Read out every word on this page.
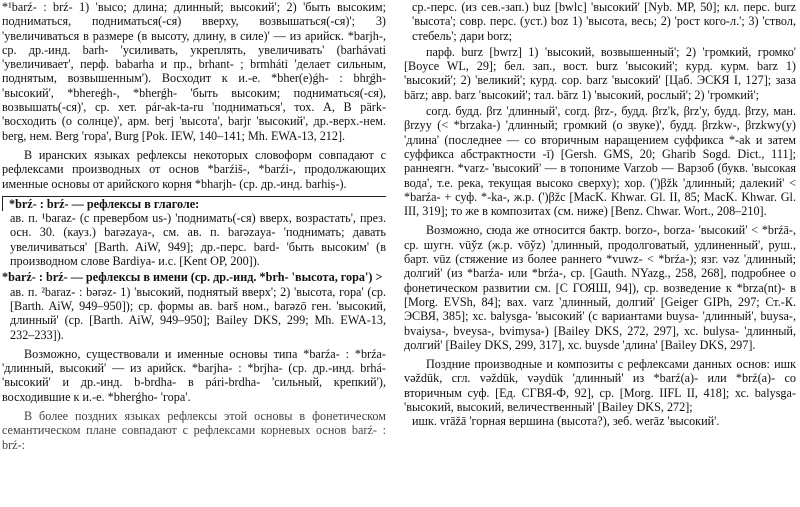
*¹barź- : brź- 1) 'высо; длина; длинный; высокий'; 2) 'быть высоким; подниматься, подниматься(-ся) вверху, возвышаться(-ся)'; 3) 'увеличиваться в размере (в высоту, длину, в силе)' — из арийск. *barjh-, ср. др.-инд. barh- 'усиливать, укреплять, увеличивать' (barhávati 'увеличивает', перф. babarha и пр., brhant- ; brmháti 'делает сильным, поднятым, возвышенным'). Восходит к и.-е. *bher(e)ǵh- : bhr̥ǵh- 'высокий', *bhereǵh-, *bherǵh- 'быть высоким; подниматься(-ся), возвышать(-ся)', ср. хет. pár-ak-ta-ru 'подниматься', тох. A, B pärk- 'восходить (о солнце)', арм. berj 'высота', barjr 'высокий', др.-верх.-нем. berg, нем. Berg 'гора', Burg [Pok. IEW, 140–141; Mh. EWA-13, 212].

В иранских языках рефлексы некоторых словоформ совпадают с рефлексами производных от основ *barźiš-, *barźi-, продолжающих именные основы от арийского корня *bharjh- (ср. др.-инд. barhiṣ-).

*brź- : brź- — рефлексы в глаголе:

ав. п. ¹baraz- (с превербом us-) 'поднимать(-ся) вверх, возрастать', през. осн. 30. (кауз.) barəzaya-, см. ав. п. barəzaya- 'поднимать; давать увеличиваться' [Barth. AiW, 949]; др.-перс. bard- 'быть высоким' (в производном слове Bardiya- и.с. [Kent OP, 200]).

*barź- : brź- — рефлексы в имени (ср. др.-инд. *brh- 'высота, гора') >

ав. п. ²baraz- : bərəz- 1) 'высокий, поднятый вверх'; 2) 'высота, гора' (ср. [Barth. AiW, 949–950]); ср. формы ав. barš ном., barəzō ген. 'высокий, длинный' (ср. [Barth. AiW, 949–950]; Bailey DKS, 299; Mh. EWA-13, 232–233]).

Возможно, существовали и именные основы типа *barźa- : *brźa- 'длинный, высокий' — из арийск. *barjha- : *brjha- (ср. др.-инд. brhá- 'высокий' и др.-инд. b-brdha- в pári-brdha- 'сильный, крепкий'), восходившие к и.-е. *bherǵho- 'гора'.

В более поздних языках рефлексы этой основы в фонетическом семантическом плане совпадают с рефлексами корневых основ barź- : brź-:

ср.-перс. (из сев.-зап.) buz [bwlc] 'высокий' [Nyb. MP, 50]; кл. перс. burz 'высота'; совр. перс. (уст.) boz 1) 'высота, весь; 2) 'рост кого-л.'; 3) 'ствол, стебель'; дари borz;

парф. burz [bwrz] 1) 'высокий, возвышенный'; 2) 'громкий, громко' [Boyce WL, 29]; бел. зап., вост. burz 'высокий'; курд. курм. barz 1) 'высокий'; 2) 'великий'; курд. сор. barz 'высокий' [Цаб. ЭСКЯ I, 127]; заза bārz; авр. barz 'высокий'; тал. bārz 1) 'высокий, рослый'; 2) 'громкий';

согд. будд. βrz 'длинный', согд. βrz-, будд. βrz'k, βrz'y, будд. βrzy, ман. βrzyy (< *brzaka-) 'длинный; громкий (о звуке)', будд. βrzkw-, βrzkwy(y) 'длина' (последнее — со вторичным наращением суффикса *-ak и затем суффикса абстрактности -ī) [Gersh. GMS, 20; Gharib Sogd. Dict., 111]; раннеягн. *varz- 'высокий' — в топониме Varzob — Варзоб (букв. 'высокая вода', т.е. река, текущая высоко сверху); хор. (')βžk 'длинный; далекий' < *barźa- + суф. *-ka-, ж.р. (')βžc [MacK. Khwar. Gl. II, 85; MacK. Khwar. Gl. III, 319]; то же в композитах (см. ниже) [Benz. Chwar. Wort., 208–210].

Возможно, сюда же относится бактр. borzo-, borza- 'высокий' < *brźā-, ср. шугн. vūy̌z (ж.р. vōy̌z) 'длинный, продолговатый, удлиненный', руш., барт. vūz (стяжение из более раннего *vuwz- < *brźa-); язг. vəz 'длинный; долгий' (из *barźa- или *brźa-, ср. [Gauth. NYazg., 258, 268], подробнее о фонетическом развитии см. [С ГОЯШ, 94]), ср. возведение к *brza(nt)- в [Morg. EVSh, 84]; вах. varz 'длинный, долгий' [Geiger GIPh, 297; Ст.-К. ЭСВЯ, 385]; хс. balysga- 'высокий' (с вариантами buysa- 'длинный', buysa-, bvaiysa-, bveysa-, bvimysa-) [Bailey DKS, 272, 297], хс. bulysa- 'длинный, долгий' [Bailey DKS, 299, 317], хс. buysde 'длина' [Bailey DKS, 297].

Поздние производные и композиты с рефлексами данных основ: ишк vəždūk, сгл. vəždūk, vəydūk 'длинный' из *barź(a)- или *brź(a)- со вторичным суф. [Ед. СГВЯ-Ф, 92], ср. [Morg. IIFL II, 418]; хс. balysga- 'высокий, высокий, величественный' [Bailey DKS, 272];

ишк. vrāžā 'горная вершина (высота?), зеб. werāz 'высокий'.
